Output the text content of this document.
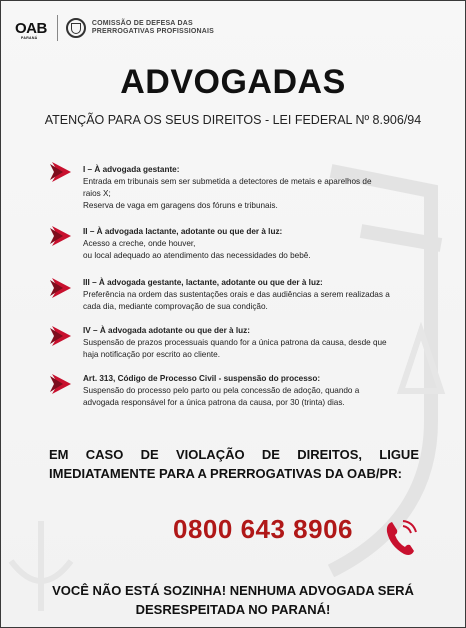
OAB
PARANÁ
COMISSÃO DE DEFESA DAS
PRERROGATIVAS PROFISSIONAIS
ADVOGADAS

ATENÇÃO PARA OS SEUS DIREITOS - LEI FEDERAL Nº 8.906/94

I – À advogada gestante:
Entrada em tribunais sem ser submetida a detectores de metais e aparelhos de
raios X;
Reserva de vaga em garagens dos fóruns e tribunais.
II – À advogada lactante, adotante ou que der à luz:
Acesso a creche, onde houver,
ou local adequado ao atendimento das necessidades do bebê.
III – À advogada gestante, lactante, adotante ou que der à luz:
Preferência na ordem das sustentações orais e das audiências a serem realizadas a
cada dia, mediante comprovação de sua condição.
IV – À advogada adotante ou que der à luz:
Suspensão de prazos processuais quando for a única patrona da causa, desde que
haja notificação por escrito ao cliente.
Art. 313, Código de Processo Civil - suspensão do processo:
Suspensão do processo pelo parto ou pela concessão de adoção, quando a
advogada responsável for a única patrona da causa, por 30 (trinta) dias.
EM CASO DE VIOLAÇÃO DE DIREITOS, LIGUE
IMEDIATAMENTE PARA A PRERROGATIVAS DA OAB/PR:
0800 643 8906
VOCÊ NÃO ESTÁ SOZINHA! NENHUMA ADVOGADA SERÁ
DESRESPEITADA NO PARANÁ!
